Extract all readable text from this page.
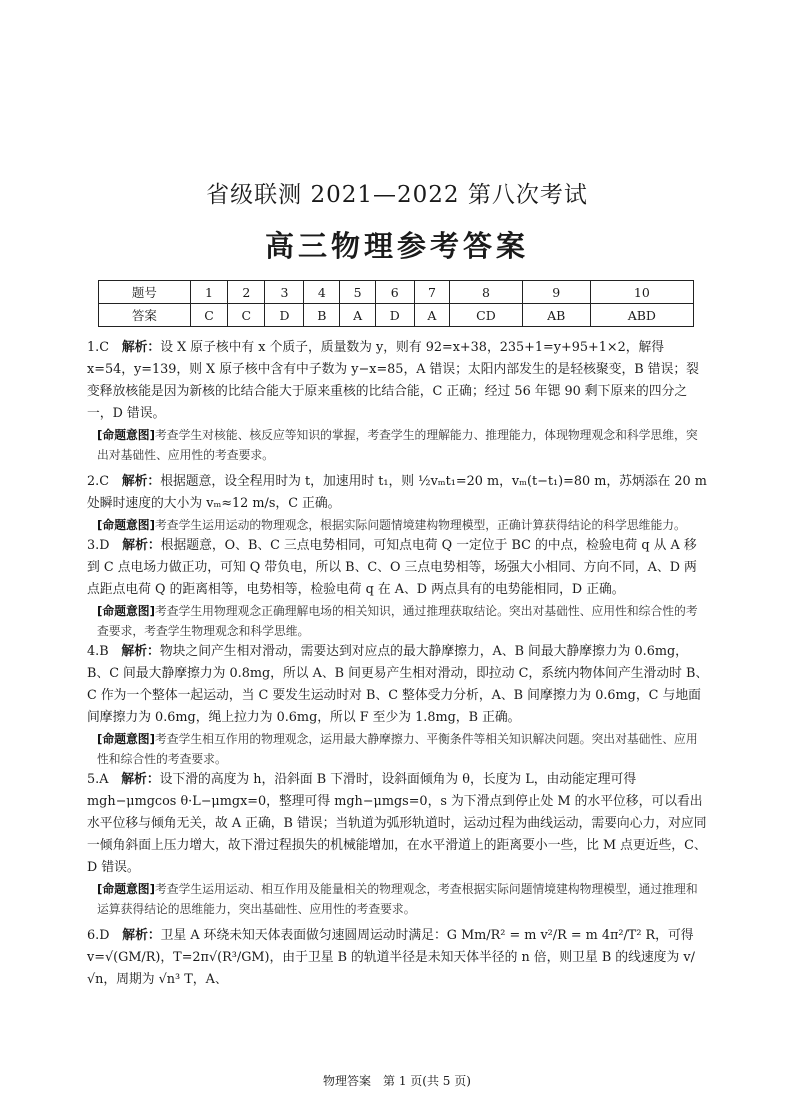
省级联测 2021—2022 第八次考试
高三物理参考答案
题号	1	2	3	4	5	6	7	8	9	10
答案	C	C	D	B	A	D	A	CD	AB	ABD

1.C　 解析：设 X 原子核中有 x 个质子，质量数为 y，则有 92=x+38，235+1=y+95+1×2，解得 x=54，y=139，则 X 原子核中含有中子数为 y−x=85，A 错误；太阳内部发生的是轻核聚变，B 错误；裂变释放核能是因为新核的比结合能大于原来重核的比结合能，C 正确；经过 56 年锶 90 剩下原来的四分之一，D 错误。

[命题意图]考查学生对核能、核反应等知识的掌握，考查学生的理解能力、推理能力，体现物理观念和科学思维，突出对基础性、应用性的考查要求。

2.C　 解析：根据题意，设全程用时为 t，加速用时 t₁，则 ½vₘt₁=20 m，vₘ(t−t₁)=80 m，苏炳添在 20 m 处瞬时速度的大小为 vₘ≈12 m/s，C 正确。

[命题意图]考查学生运用运动的物理观念，根据实际问题情境建构物理模型，正确计算获得结论的科学思维能力。

3.D　 解析：根据题意，O、B、C 三点电势相同，可知点电荷 Q 一定位于 BC 的中点，检验电荷 q 从 A 移到 C 点电场力做正功，可知 Q 带负电，所以 B、C、O 三点电势相等，场强大小相同、方向不同，A、D 两点距点电荷 Q 的距离相等，电势相等，检验电荷 q 在 A、D 两点具有的电势能相同，D 正确。

[命题意图]考查学生用物理观念正确理解电场的相关知识，通过推理获取结论。突出对基础性、应用性和综合性的考查要求，考查学生物理观念和科学思维。

4.B　 解析：物块之间产生相对滑动，需要达到对应点的最大静摩擦力，A、B 间最大静摩擦力为 0.6mg，B、C 间最大静摩擦力为 0.8mg，所以 A、B 间更易产生相对滑动，即拉动 C，系统内物体间产生滑动时 B、C 作为一个整体一起运动，当 C 要发生运动时对 B、C 整体受力分析，A、B 间摩擦力为 0.6mg，C 与地面间摩擦力为 0.6mg，绳上拉力为 0.6mg，所以 F 至少为 1.8mg，B 正确。

[命题意图]考查学生相互作用的物理观念，运用最大静摩擦力、平衡条件等相关知识解决问题。突出对基础性、应用性和综合性的考查要求。

5.A　 解析：设下滑的高度为 h，沿斜面 B 下滑时，设斜面倾角为 θ，长度为 L，由动能定理可得 mgh−μmgcos θ·L−μmgx=0，整理可得 mgh−μmgs=0，s 为下滑点到停止处 M 的水平位移，可以看出水平位移与倾角无关，故 A 正确，B 错误；当轨道为弧形轨道时，运动过程为曲线运动，需要向心力，对应同一倾角斜面上压力增大，故下滑过程损失的机械能增加，在水平滑道上的距离要小一些，比 M 点更近些，C、D 错误。

[命题意图]考查学生运用运动、相互作用及能量相关的物理观念，考查根据实际问题情境建构物理模型，通过推理和运算获得结论的思维能力，突出基础性、应用性的考查要求。

6.D　 解析：卫星 A 环绕未知天体表面做匀速圆周运动时满足：G Mm/R² = m v²/R = m 4π²/T² R，可得 v=√(GM/R)，T=2π√(R³/GM)，由于卫星 B 的轨道半径是未知天体半径的 n 倍，则卫星 B 的线速度为 v/√n，周期为 √n³ T，A、

物理答案　第 1 页(共 5 页)
